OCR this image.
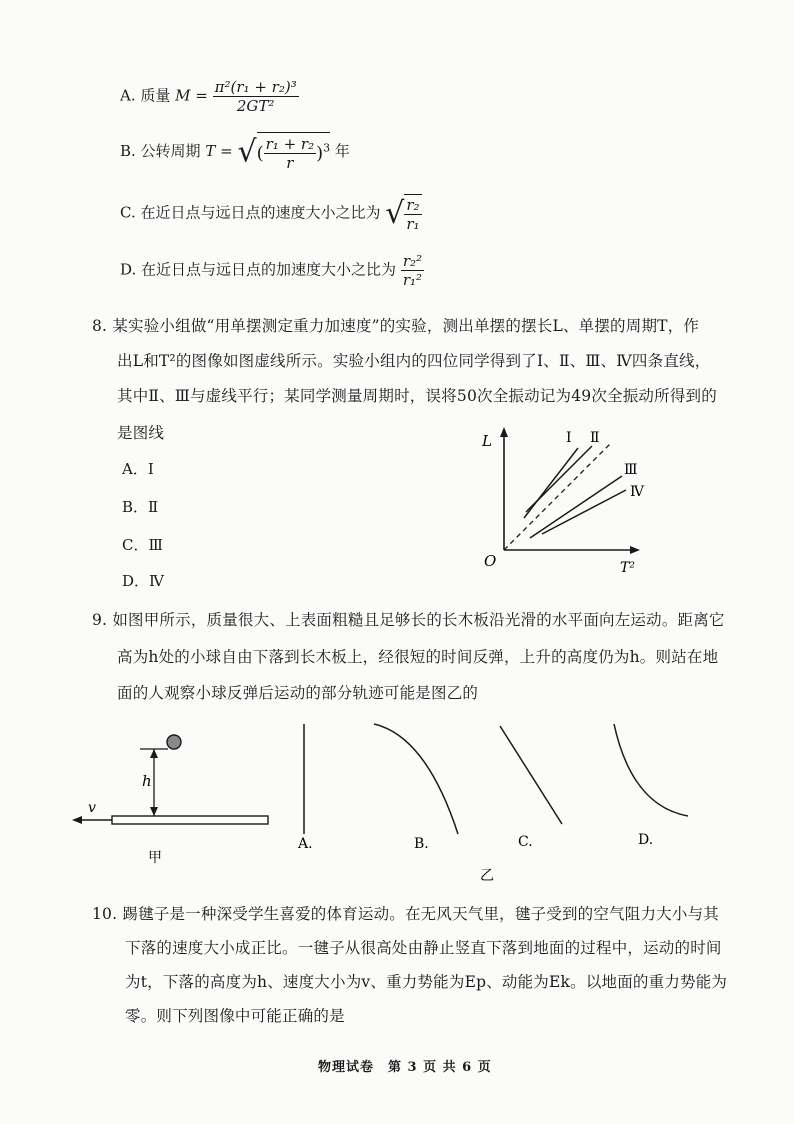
A. 质量 $M = \frac{\text{π²(r₁ + r₂)³}}{\text{2GT²}}$
B. 公转周期 T = √( $\frac{\text{r₁ + r₂}}{r} )^3$ 年
C. 在近日点与远日点的速度大小之比为 √ $\frac{\text{r₂}}{\text{r₁}}$
D. 在近日点与远日点的加速度大小之比为 $\frac{\text{r₂²}}{\text{r₁²}}$
8. 某实验小组做“用单摆测定重力加速度”的实验，测出单摆的摆长L、单摆的周期T，作
出L和T²的图像如图虚线所示。实验小组内的四位同学得到了Ⅰ、Ⅱ、Ⅲ、Ⅳ四条直线，
其中Ⅱ、Ⅲ与虚线平行；某同学测量周期时，误将50次全振动记为49次全振动所得到的
是图线
A．Ⅰ
B．Ⅱ
C．Ⅲ
D．Ⅳ
L
T²
O
Ⅰ Ⅱ
Ⅲ
Ⅳ
9. 如图甲所示，质量很大、上表面粗糙且足够长的长木板沿光滑的水平面向左运动。距离它
高为h处的小球自由下落到长木板上，经很短的时间反弹，上升的高度仍为h。则站在地
面的人观察小球反弹后运动的部分轨迹可能是图乙的
h
v
甲
A.	B.	C.	D.
乙
10. 踢毽子是一种深受学生喜爱的体育运动。在无风天气里，毽子受到的空气阻力大小与其
下落的速度大小成正比。一毽子从很高处由静止竖直下落到地面的过程中，运动的时间
为t，下落的高度为h、速度大小为v、重力势能为Ep、动能为Ek。以地面的重力势能为
零。则下列图像中可能正确的是
物理试卷　第 3 页 共 6 页
